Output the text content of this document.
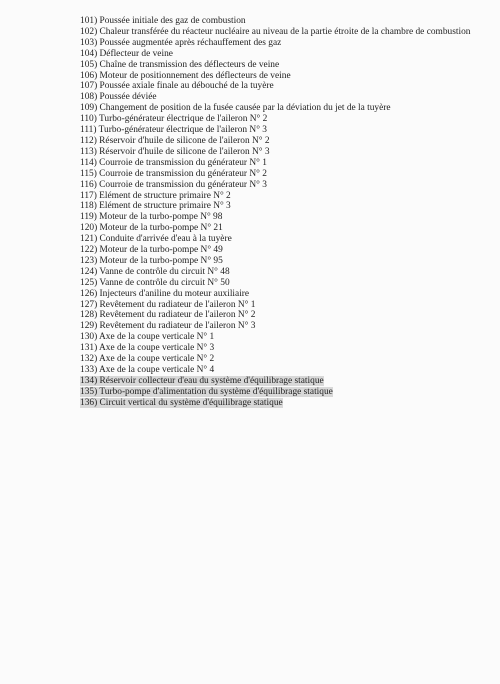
101) Poussée initiale des gaz de combustion
102) Chaleur transférée du réacteur nucléaire au niveau de la partie étroite de la chambre de combustion
103) Poussée augmentée après réchauffement des gaz
104) Déflecteur de veine
105) Chaîne de transmission des déflecteurs de veine
106) Moteur de positionnement des déflecteurs de veine
107) Poussée axiale finale au débouché de la tuyère
108) Poussée déviée
109) Changement de position de la fusée causée par la déviation du jet de la tuyère
110) Turbo-générateur électrique de l'aileron N° 2
111) Turbo-générateur électrique de l'aileron N° 3
112) Réservoir d'huile de silicone de l'aileron N° 2
113) Réservoir d'huile de silicone de l'aileron N° 3
114) Courroie de transmission du générateur N° 1
115) Courroie de transmission du générateur N° 2
116) Courroie de transmission du générateur N° 3
117) Elément de structure primaire N° 2
118) Elément de structure primaire N° 3
119) Moteur de la turbo-pompe N° 98
120) Moteur de la turbo-pompe N° 21
121) Conduite d'arrivée d'eau à la tuyère
122) Moteur de la turbo-pompe N° 49
123) Moteur de la turbo-pompe N° 95
124) Vanne de contrôle du circuit N° 48
125) Vanne de contrôle du circuit N° 50
126) Injecteurs d'aniline du moteur auxiliaire
127) Revêtement du radiateur de l'aileron N° 1
128) Revêtement du radiateur de l'aileron N° 2
129) Revêtement du radiateur de l'aileron N° 3
130) Axe de la coupe verticale N° 1
131) Axe de la coupe verticale N° 3
132) Axe de la coupe verticale N° 2
133) Axe de la coupe verticale N° 4
134) Réservoir collecteur d'eau du système d'équilibrage statique
135) Turbo-pompe d'alimentation du système d'équilibrage statique
136) Circuit vertical du système d'équilibrage statique
